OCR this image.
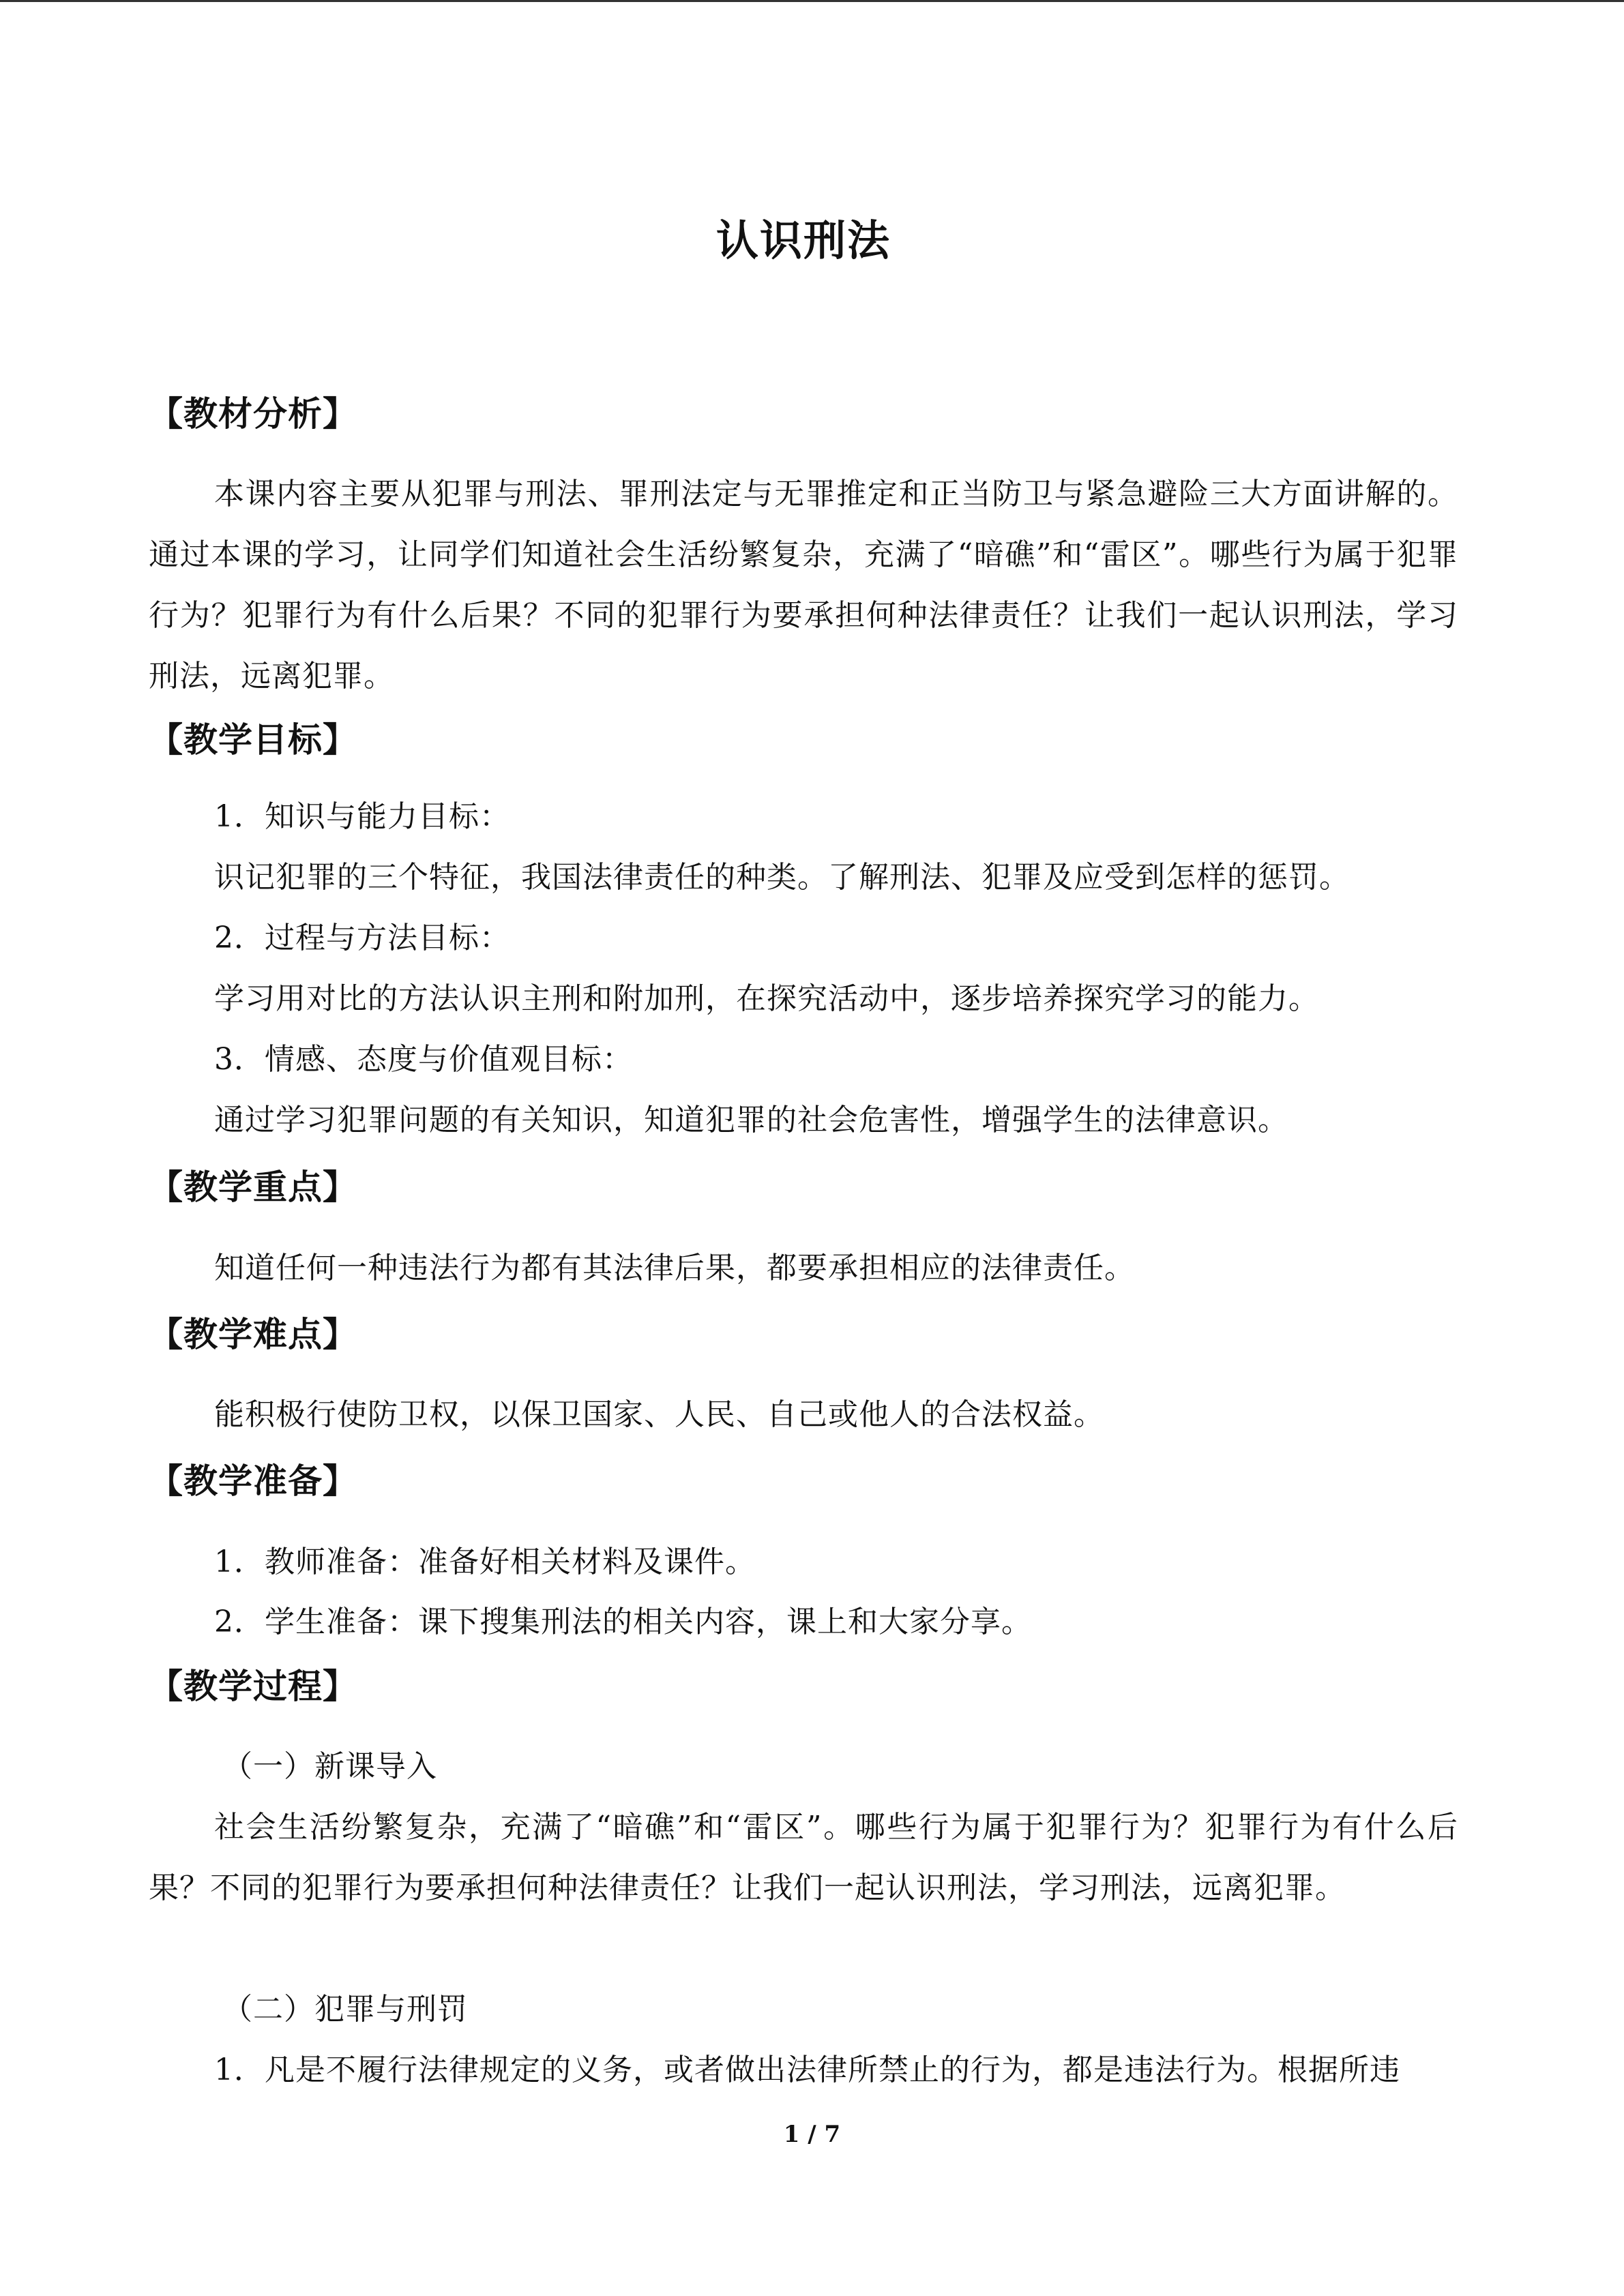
认识刑法
【教材分析】
本课内容主要从犯罪与刑法、罪刑法定与无罪推定和正当防卫与紧急避险三大方面讲解的。通过本课的学习，让同学们知道社会生活纷繁复杂，充满了“暗礁”和“雷区”。哪些行为属于犯罪行为？犯罪行为有什么后果？不同的犯罪行为要承担何种法律责任？让我们一起认识刑法，学习刑法，远离犯罪。
【教学目标】
1．知识与能力目标：
识记犯罪的三个特征，我国法律责任的种类。了解刑法、犯罪及应受到怎样的惩罚。
2．过程与方法目标：
学习用对比的方法认识主刑和附加刑，在探究活动中，逐步培养探究学习的能力。
3．情感、态度与价值观目标：
通过学习犯罪问题的有关知识，知道犯罪的社会危害性，增强学生的法律意识。
【教学重点】
知道任何一种违法行为都有其法律后果，都要承担相应的法律责任。
【教学难点】
能积极行使防卫权，以保卫国家、人民、自己或他人的合法权益。
【教学准备】
1．教师准备：准备好相关材料及课件。
2．学生准备：课下搜集刑法的相关内容，课上和大家分享。
【教学过程】
（一）新课导入
社会生活纷繁复杂，充满了“暗礁”和“雷区”。哪些行为属于犯罪行为？犯罪行为有什么后果？不同的犯罪行为要承担何种法律责任？让我们一起认识刑法，学习刑法，远离犯罪。
（二）犯罪与刑罚
1．凡是不履行法律规定的义务，或者做出法律所禁止的行为，都是违法行为。根据所违
1 / 7
